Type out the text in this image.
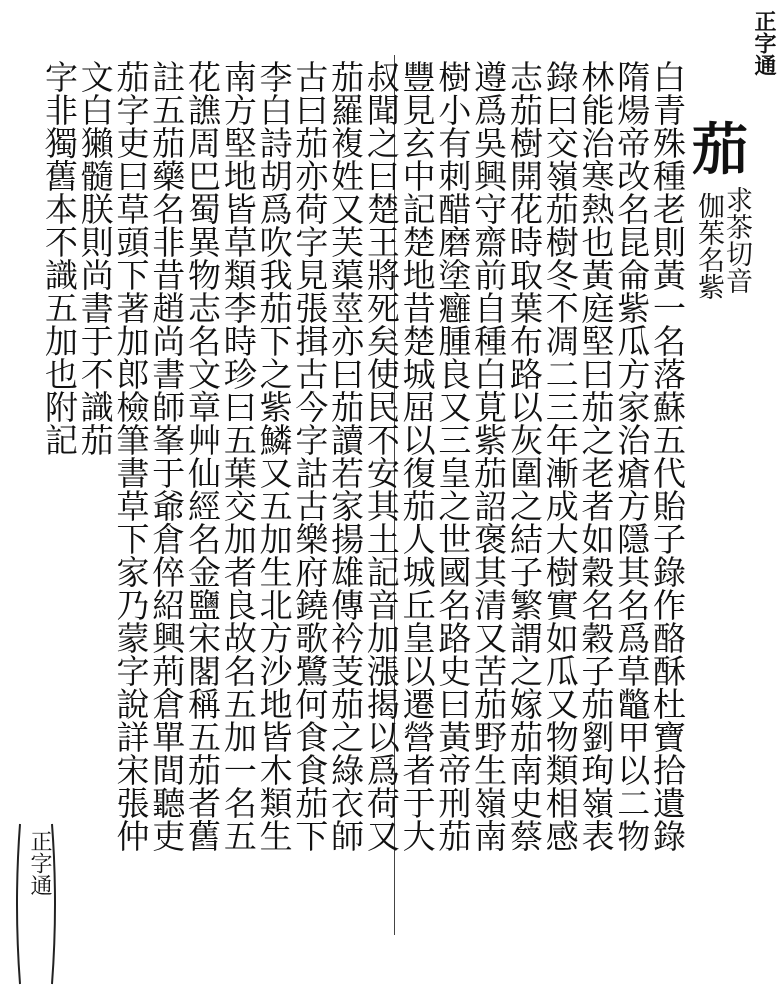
正字通
茄
求茶切音
伽茱名紫
白青殊種老則黃一名落蘇五代貽子錄作酪酥杜寶拾遺錄
隋煬帝改名昆侖紫瓜方家治瘡方隱其名爲草鼈甲以二物
林能治寒熱也黃庭堅曰茄之老者如穀名穀子茄劉珣嶺表
錄曰交嶺茄樹冬不凋二三年漸成大樹實如瓜又物類相感
志茄樹開花時取葉布路以灰圍之結子繁謂之嫁茄南史蔡
遵爲吳興守齋前自種白莧紫茄詔褒其清又苦茄野生嶺南
樹小有刺醋磨塗癰腫良又三皇之世國名路史曰黃帝刑茄
豐見玄中記楚地昔楚城屈以復茄人城丘皇以遷營者于大
叔聞之曰楚王將死矣使民不安其土記音加漲揭以爲荷又
茄羅複姓又芙蕖莖亦曰茄讀若家揚雄傳衿芰茄之綠衣師
古曰茄亦荷字見張揖古今字詁古樂府鐃歌鷺何食食茄下
李白詩胡爲吹我茄下之紫鱗又五加生北方沙地皆木類生
南方堅地皆草類李時珍曰五葉交加者良故名五加一名五
花譙周巴蜀異物志名文章艸仙經名金鹽宋閣稱五茄者舊
註五茄藥名非昔趙尚書師峯于爺倉倅紹興荊倉單間聽吏
茄字吏曰草頭下著加郎檢筆書草下家乃蒙字說詳宋張仲
文白獺髓朕則尚書于不識茄
字非獨舊本不識五加也附記
正字通
